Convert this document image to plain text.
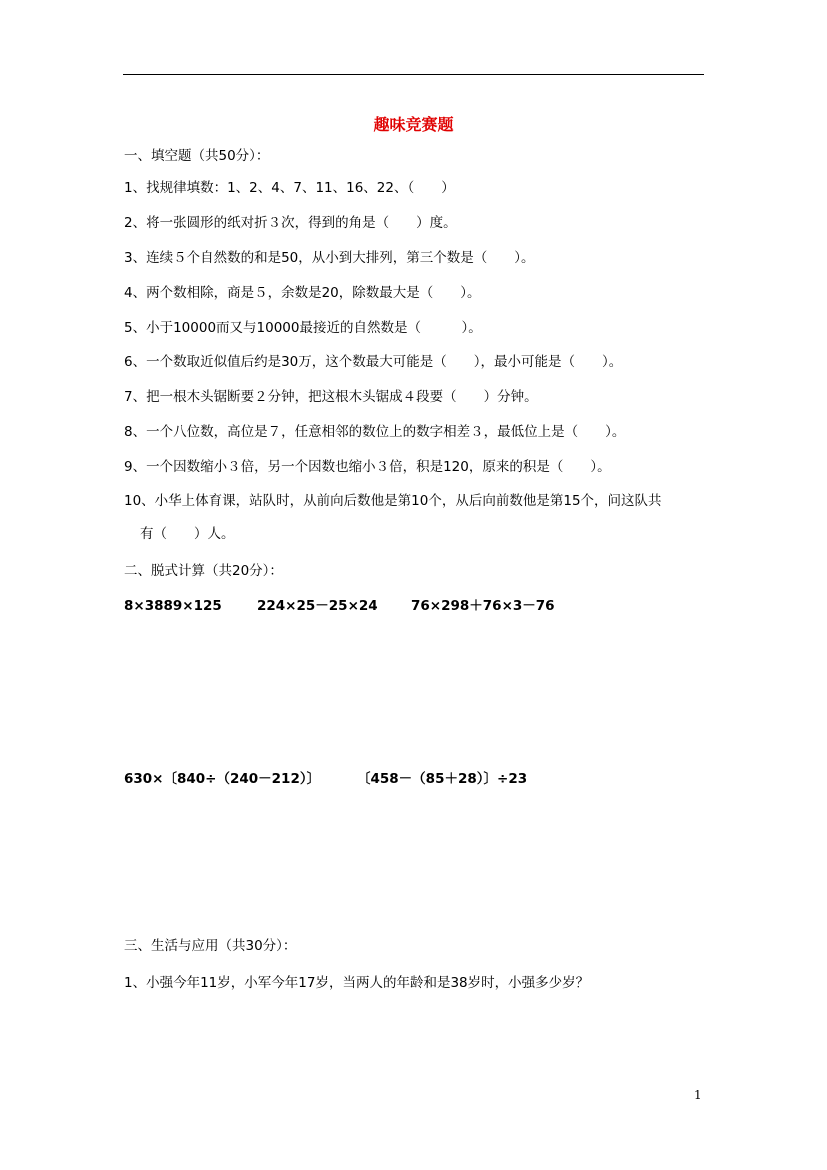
趣味竞赛题
一、填空题（共50分）：
1、找规律填数：1、2、4、7、11、16、22、（　　）
2、将一张圆形的纸对折３次，得到的角是（　　）度。
3、连续５个自然数的和是50，从小到大排列，第三个数是（　　）。
4、两个数相除，商是５，余数是20，除数最大是（　　）。
5、小于10000而又与10000最接近的自然数是（　　　）。
6、一个数取近似值后约是30万，这个数最大可能是（　　），最小可能是（　　）。
7、把一根木头锯断要２分钟，把这根木头锯成４段要（　　）分钟。
8、一个八位数，高位是７，任意相邻的数位上的数字相差３，最低位上是（　　）。
9、一个因数缩小３倍，另一个因数也缩小３倍，积是120，原来的积是（　　）。
10、小华上体育课，站队时，从前向后数他是第10个，从后向前数他是第15个，问这队共
有（　　）人。
二、脱式计算（共20分）：
8×3889×125	224×25－25×24 76×298＋76×3－76
630×〔840÷（240－212）〕	〔458－（85＋28）〕÷23
三、生活与应用（共30分）：
1、小强今年11岁，小军今年17岁，当两人的年龄和是38岁时，小强多少岁？
1
